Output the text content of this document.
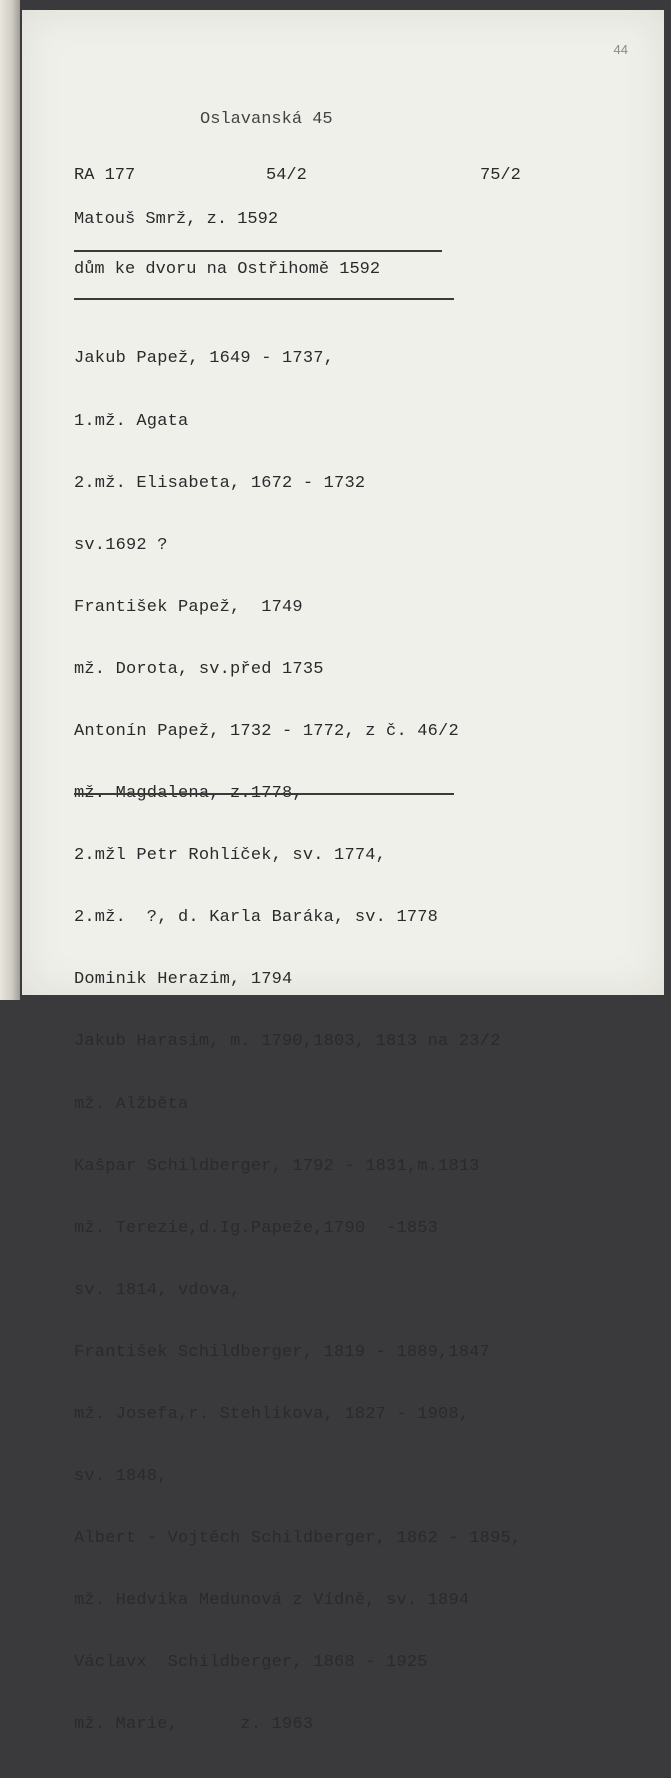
44
Oslavanská 45
RA 177	54/2	75/2
Matouš Smrž, z. 1592
dům ke dvoru na Ostřihomě 1592

Jakub Papež, 1649 - 1737,

1.mž. Agata

2.mž. Elisabeta, 1672 - 1732

sv.1692 ?

František Papež,  1749

mž. Dorota, sv.před 1735

Antonín Papež, 1732 - 1772, z č. 46/2

mž. Magdalena, z.1778,

2.mžl Petr Rohlíček, sv. 1774,

2.mž.  ?, d. Karla Baráka, sv. 1778

Dominik Herazim, 1794

Jakub Harasim, m. 1790,1803, 1813 na 23/2

mž. Alžběta

Kašpar Schildberger, 1792 - 1831,m.1813

mž. Terezie,d.Ig.Papeže,1790  -1853

sv. 1814, vdova,

František Schildberger, 1819 - 1889,1847

mž. Josefa,r. Stehlíkova, 1827 - 1908,

sv. 1848,

Albert - Vojtěch Schildberger, 1862 - 1895,

mž. Hedvika Medunová z Vídně, sv. 1894

Václavx  Schildberger, 1868 - 1925

mž. Marie,      z. 1963
